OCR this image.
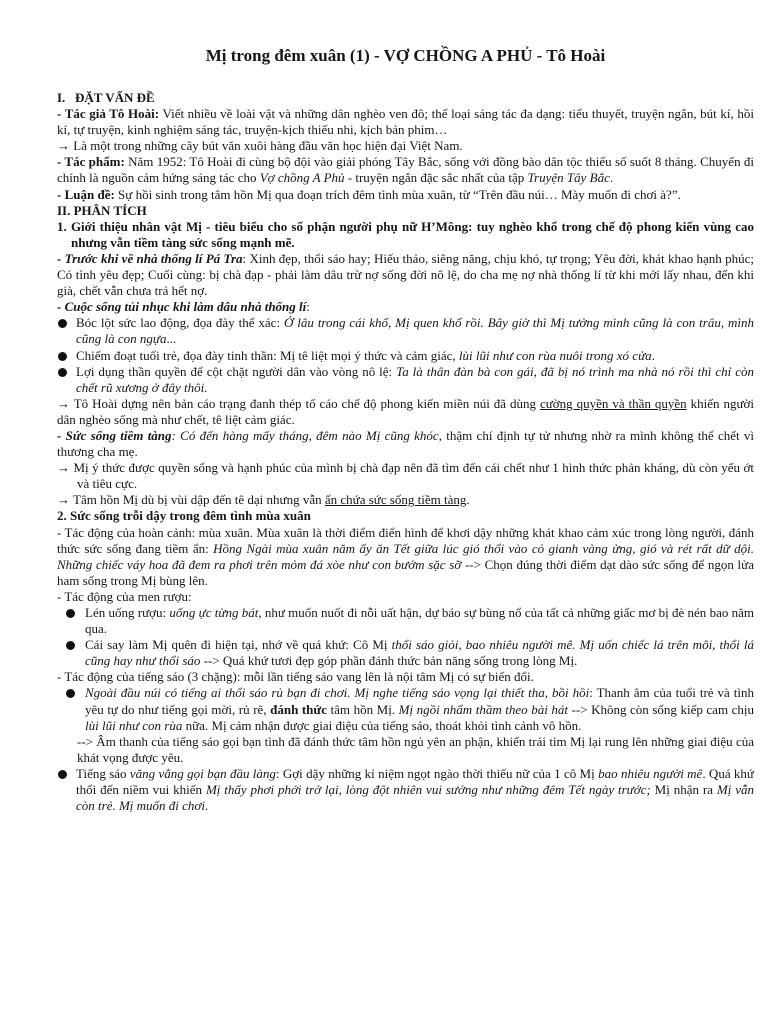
Mị trong đêm xuân (1) - VỢ CHỒNG A PHỦ - Tô Hoài

I. ĐẶT VẤN ĐỀ

- Tác giả Tô Hoài: Viết nhiều về loài vật và những dân nghèo ven đô; thể loại sáng tác đa dạng: tiểu thuyết, truyện ngắn, bút kí, hồi kí, tự truyện, kinh nghiệm sáng tác, truyện-kịch thiếu nhi, kịch bản phim…

→ Là một trong những cây bút văn xuôi hàng đầu văn học hiện đại Việt Nam.

- Tác phẩm: Năm 1952: Tô Hoài đi cùng bộ đội vào giải phóng Tây Bắc, sống với đồng bào dân tộc thiểu số suốt 8 tháng. Chuyến đi chính là nguồn cảm hứng sáng tác cho Vợ chồng A Phủ - truyện ngắn đặc sắc nhất của tập Truyện Tây Bắc.

- Luận đề: Sự hồi sinh trong tâm hồn Mị qua đoạn trích đêm tình mùa xuân, từ “Trên đầu núi… Mày muốn đi chơi à?”.

II. PHÂN TÍCH

1. Giới thiệu nhân vật Mị - tiêu biểu cho số phận người phụ nữ H’Mông: tuy nghèo khổ trong chế độ phong kiến vùng cao nhưng vẫn tiềm tàng sức sống mạnh mẽ.

- Trước khi về nhà thống lí Pá Tra: Xinh đẹp, thổi sáo hay; Hiếu thảo, siêng năng, chịu khó, tự trọng; Yêu đời, khát khao hạnh phúc; Có tình yêu đẹp; Cuối cùng: bị chà đạp - phải làm dâu trừ nợ sống đời nô lệ, do cha mẹ nợ nhà thống lí từ khi mới lấy nhau, đến khi già, chết vẫn chưa trả hết nợ.

- Cuộc sống tủi nhục khi làm dâu nhà thống lí:

Bóc lột sức lao động, đọa đày thể xác: Ở lâu trong cái khổ, Mị quen khổ rồi. Bây giờ thì Mị tưởng mình cũng là con trâu, mình cũng là con ngựa...

Chiếm đoạt tuổi trẻ, đọa đày tinh thần: Mị tê liệt mọi ý thức và cảm giác, lùi lũi như con rùa nuôi trong xó cửa.

Lợi dụng thần quyền để cột chặt người dân vào vòng nô lệ: Ta là thân đàn bà con gái, đã bị nó trình ma nhà nó rồi thì chỉ còn chết rũ xương ở đây thôi.

→ Tô Hoài dựng nên bản cáo trạng đanh thép tố cáo chế độ phong kiến miền núi đã dùng cường quyền và thần quyền khiến người dân nghèo sống mà như chết, tê liệt cảm giác.

- Sức sống tiềm tàng: Có đến hàng mấy tháng, đêm nào Mị cũng khóc, thậm chí định tự tử nhưng nhờ ra mình không thể chết vì thương cha mẹ.

→ Mị ý thức được quyền sống và hạnh phúc của mình bị chà đạp nên đã tìm đến cái chết như 1 hình thức phản kháng, dù còn yếu ớt và tiêu cực.

→ Tâm hồn Mị dù bị vùi dập đến tê dại nhưng vẫn ẩn chứa sức sống tiềm tàng.

2. Sức sống trỗi dậy trong đêm tình mùa xuân

- Tác động của hoàn cảnh: mùa xuân. Mùa xuân là thời điểm điển hình để khơi dậy những khát khao cảm xúc trong lòng người, đánh thức sức sống đang tiềm ẩn: Hồng Ngài mùa xuân năm ấy ăn Tết giữa lúc gió thổi vào cỏ gianh vàng ửng, gió và rét rất dữ dội. Những chiếc váy hoa đã đem ra phơi trên mỏm đá xòe như con bướm sặc sỡ --> Chọn đúng thời điểm dạt dào sức sống để ngọn lửa ham sống trong Mị bùng lên.

- Tác động của men rượu:

Lén uống rượu: uống ực từng bát, như muốn nuốt đi nỗi uất hận, dự báo sự bùng nổ của tất cả những giấc mơ bị đè nén bao năm qua.

Cái say làm Mị quên đi hiện tại, nhớ về quá khứ: Cô Mị thổi sáo giỏi, bao nhiêu người mê. Mị uốn chiếc lá trên môi, thổi lá cũng hay như thổi sáo --> Quá khứ tươi đẹp góp phần đánh thức bản năng sống trong lòng Mị.

- Tác động của tiếng sáo (3 chặng): mỗi lần tiếng sáo vang lên là nội tâm Mị có sự biến đổi.

Ngoài đầu núi có tiếng ai thổi sáo rủ bạn đi chơi. Mị nghe tiếng sáo vọng lại thiết tha, bồi hồi: Thanh âm của tuổi trẻ và tình yêu tự do như tiếng gọi mời, rủ rê, đánh thức tâm hồn Mị. Mị ngồi nhẩm thầm theo bài hát --> Không còn sống kiếp cam chịu lùi lũi như con rùa nữa. Mị cảm nhận được giai điệu của tiếng sáo, thoát khỏi tình cảnh vô hồn.

--> Âm thanh của tiếng sáo gọi bạn tình đã đánh thức tâm hồn ngủ yên an phận, khiến trái tim Mị lại rung lên những giai điệu của khát vọng được yêu.

Tiếng sáo văng vẳng gọi bạn đầu làng: Gợi dậy những kỉ niệm ngọt ngào thời thiếu nữ của 1 cô Mị bao nhiêu người mê. Quá khứ thổi đến niềm vui khiến Mị thấy phơi phới trở lại, lòng đột nhiên vui sướng như những đêm Tết ngày trước; Mị nhận ra Mị vẫn còn trẻ. Mị muốn đi chơi.
